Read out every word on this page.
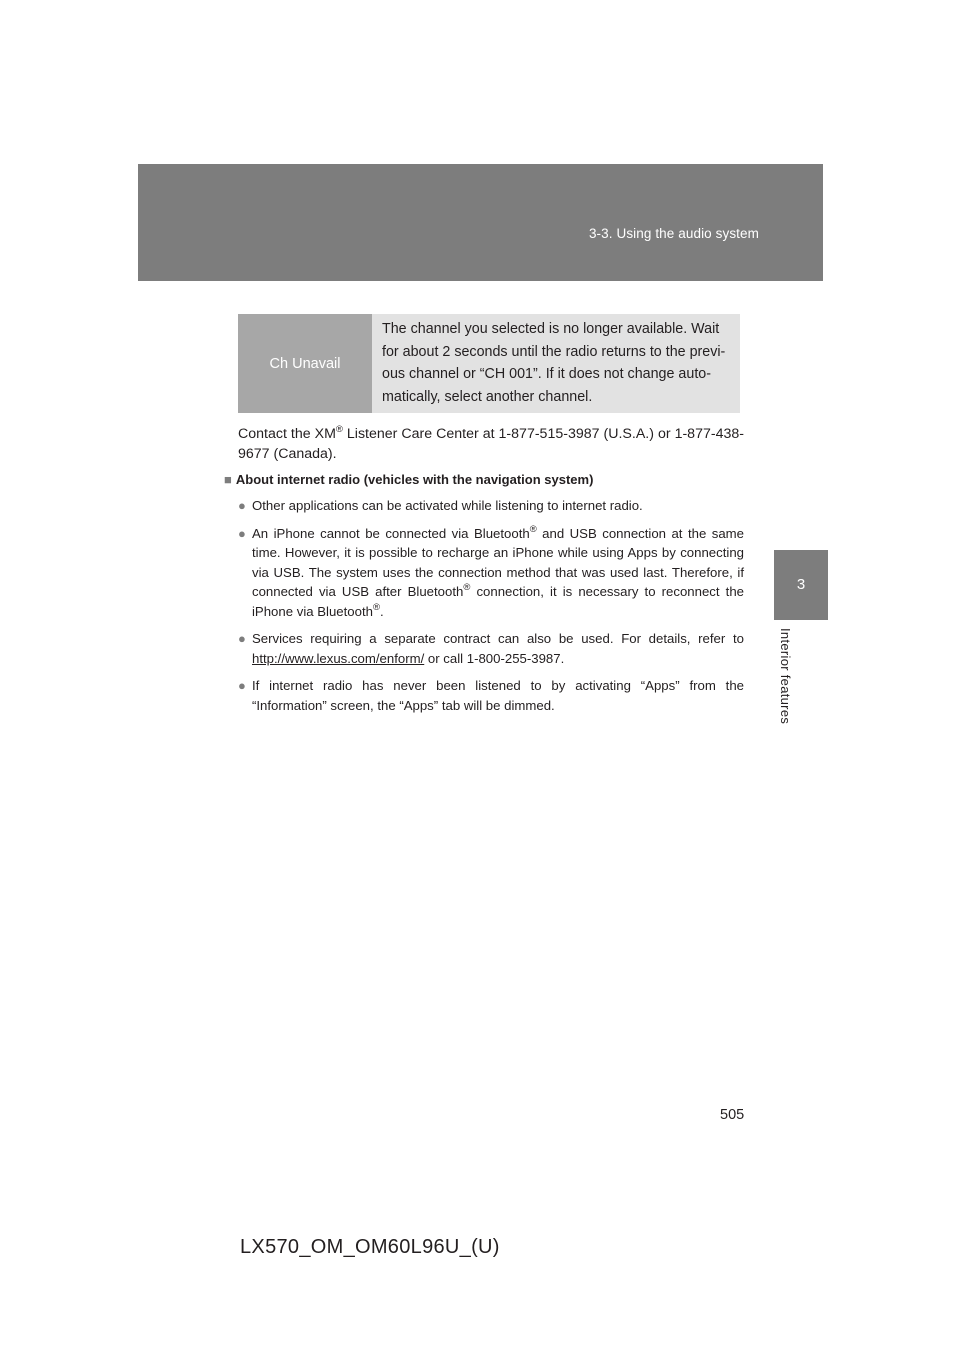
3-3. Using the audio system
3
Interior features
Ch Unavail
The channel you selected is no longer available. Wait for about 2 seconds until the radio returns to the previ- ous channel or “CH 001”. If it does not change auto- matically, select another channel.
Contact the XM® Listener Care Center at 1-877-515-3987 (U.S.A.) or 1-877-438-9677 (Canada).
■ About internet radio (vehicles with the navigation system)
● Other applications can be activated while listening to internet radio.
● An iPhone cannot be connected via Bluetooth® and USB connection at the same time. However, it is possible to recharge an iPhone while using Apps by connecting via USB. The system uses the connection method that was used last. Therefore, if connected via USB after Bluetooth® connection, it is necessary to reconnect the iPhone via Bluetooth®.
● Services requiring a separate contract can also be used. For details, refer to http://www.lexus.com/enform/ or call 1-800-255-3987.
● If internet radio has never been listened to by activating “Apps” from the “Information” screen, the “Apps” tab will be dimmed.
505
LX570_OM_OM60L96U_(U)
